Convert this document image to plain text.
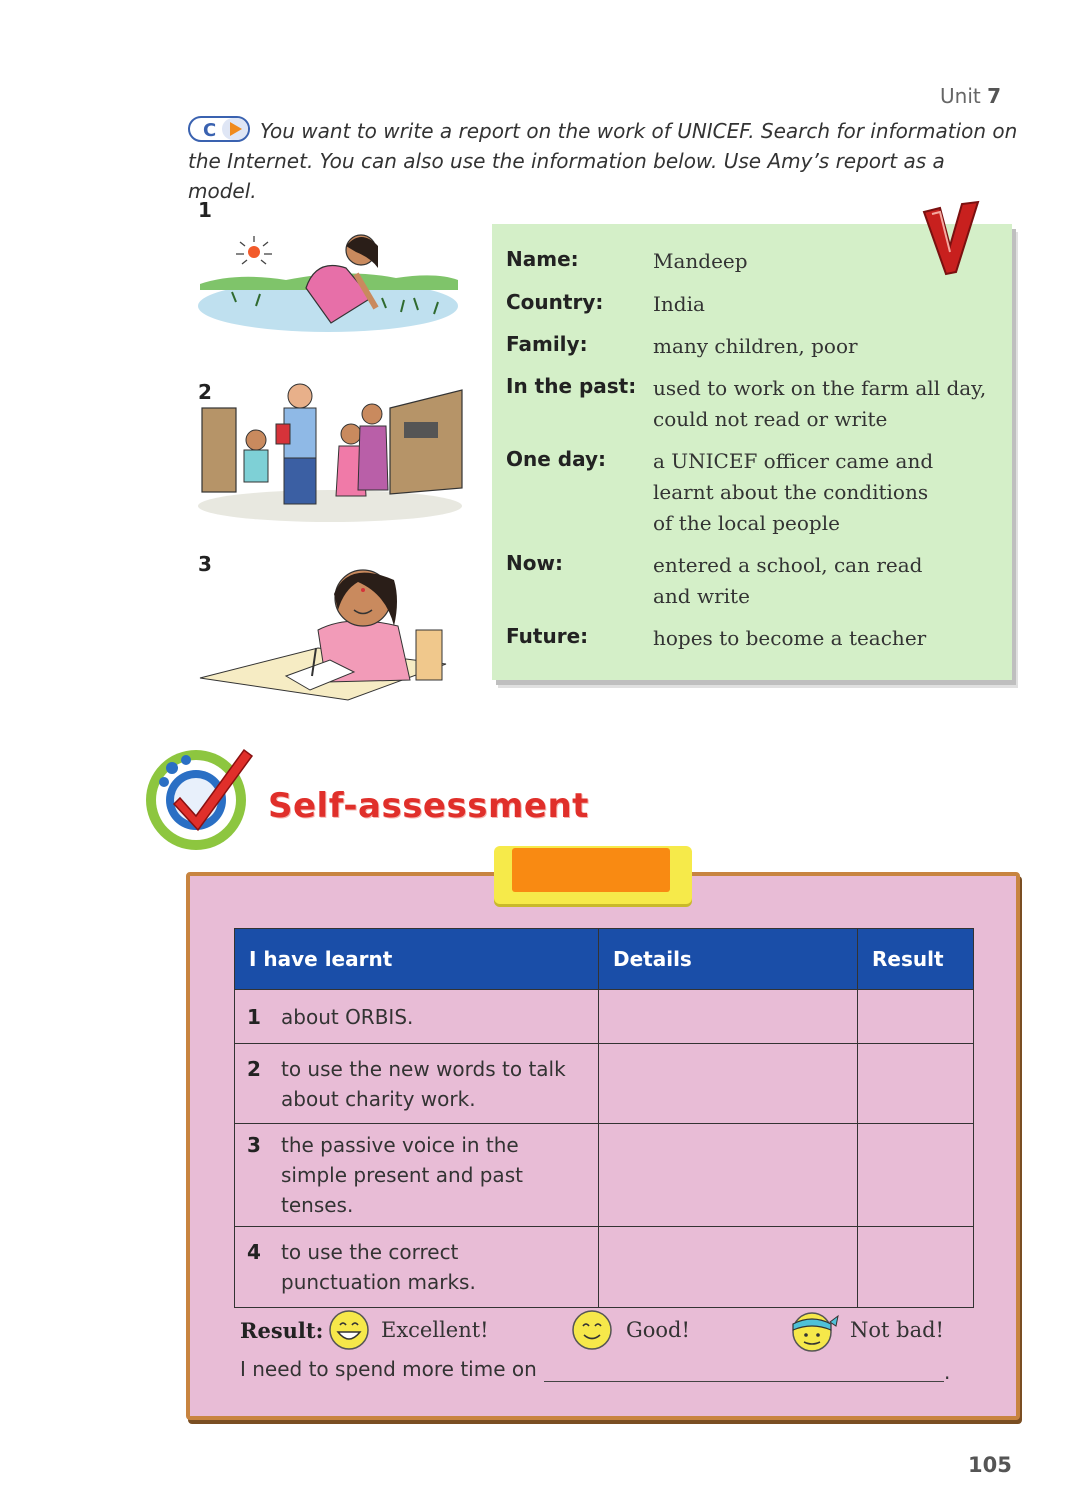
Unit 7
C	You want to write a report on the work of UNICEF. Search for information on the Internet. You can also use the information below. Use Amy’s report as a model.
1
2
3
Name:	Mandeep
Country: India
Family:	many children, poor
In the past: used to work on the farm all day,
could not read or write
One day: a UNICEF officer came and
learnt about the conditions
of the local people
Now:	entered a school, can read
and write
Future:	hopes to become a teacher
Self-assessment
I have learnt	Details	Result
1 about ORBIS.		
2 to use the new words to talk about charity work.		
3 the passive voice in the simple present and past tenses.		
4 to use the correct punctuation marks.		
Result:	Excellent!	Good!	Not bad!
I need to spend more time on	.
105
